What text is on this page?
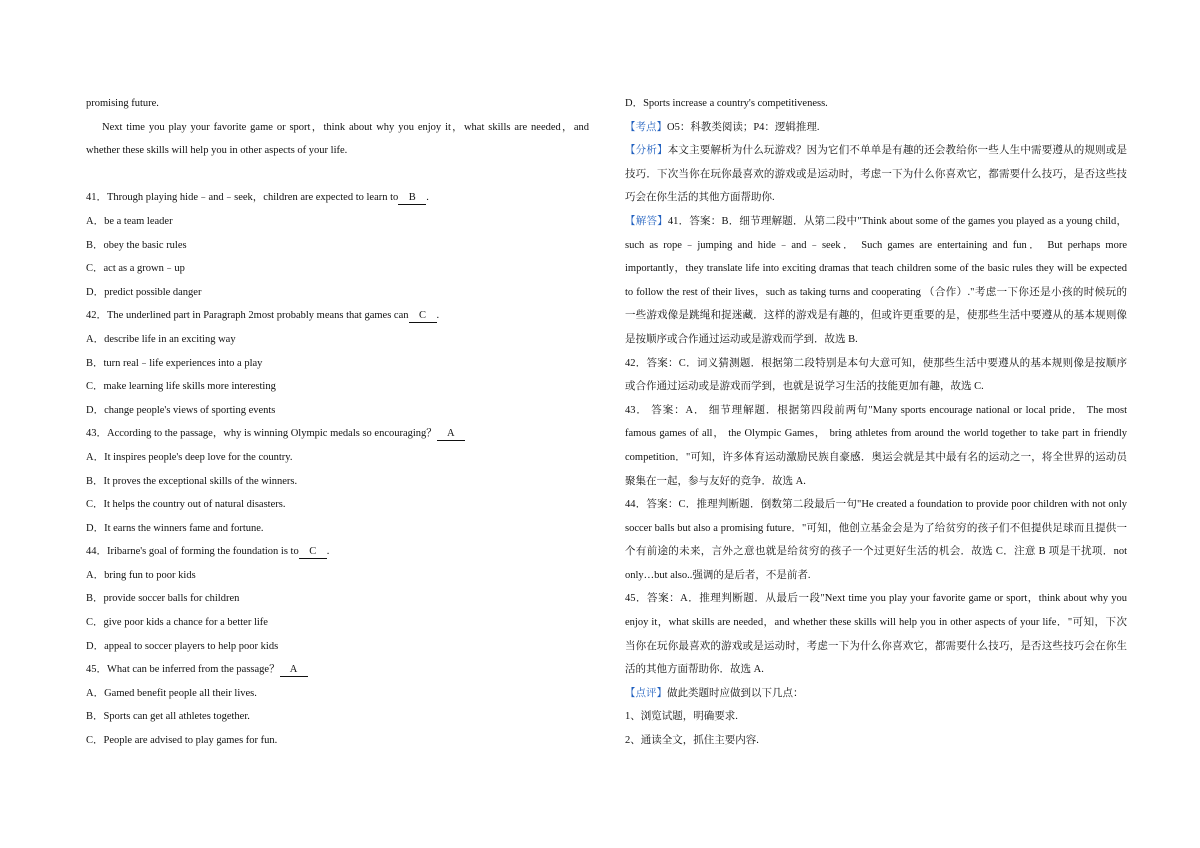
promising future.
Next time you play your favorite game or sport，think about why you enjoy it，what skills are needed，and
whether these skills will help you in other aspects of your life.
41．Through playing hide﹣and﹣seek，children are expected to learn to B .
A．be a team leader
B．obey the basic rules
C．act as a grown﹣up
D．predict possible danger
42．The underlined part in Paragraph 2most probably means that games can C .
A．describe life in an exciting way
B．turn real﹣life experiences into a play
C．make learning life skills more interesting
D．change people's views of sporting events
43．According to the passage，why is winning Olympic medals so encouraging？ A
A．It inspires people's deep love for the country.
B．It proves the exceptional skills of the winners.
C．It helps the country out of natural disasters.
D．It earns the winners fame and fortune.
44．Iribarne's goal of forming the foundation is to C .
A．bring fun to poor kids
B．provide soccer balls for children
C．give poor kids a chance for a better life
D．appeal to soccer players to help poor kids
45．What can be inferred from the passage？ A
A．Gamed benefit people all their lives.
B．Sports can get all athletes together.
C．People are advised to play games for fun.
D．Sports increase a country's competitiveness.
【考点】O5：科教类阅读；P4：逻辑推理.
【分析】本文主要解析为什么玩游戏？因为它们不单单是有趣的还会教给你一些人生中需要遵从的规则或是
技巧．下次当你在玩你最喜欢的游戏或是运动时，考虑一下为什么你喜欢它，都需要什么技巧，是否这些技
巧会在你生活的其他方面帮助你.
【解答】41．答案：B．细节理解题．从第二段中"Think about some of the games you played as a young child，
such as rope﹣jumping and hide﹣and﹣seek． Such games are entertaining and fun． But perhaps more
importantly，they translate life into exciting dramas that teach children some of the basic rules they will be expected
to follow the rest of their lives，such as taking turns and cooperating （合作）."考虑一下你还是小孩的时候玩的
一些游戏像是跳绳和捉迷藏．这样的游戏是有趣的，但或许更重要的是，使那些生活中要遵从的基本规则像
是按顺序或合作通过运动或是游戏而学到．故选 B.
42．答案：C．词义猜测题．根据第二段特别是本句大意可知，使那些生活中要遵从的基本规则像是按顺序
或合作通过运动或是游戏而学到，也就是说学习生活的技能更加有趣，故选 C.
43． 答案：A． 细节理解题．根据第四段前两句"Many sports encourage national or local pride． The most
famous games of all， the Olympic Games， bring athletes from around the world together to take part in friendly
competition．"可知，许多体育运动激励民族自豪感．奥运会就是其中最有名的运动之一，将全世界的运动员
聚集在一起，参与友好的竞争．故选 A.
44．答案：C．推理判断题．倒数第二段最后一句"He created a foundation to provide poor children with not only
soccer balls but also a promising future．"可知，他创立基金会是为了给贫穷的孩子们不但提供足球而且提供一
个有前途的未来，言外之意也就是给贫穷的孩子一个过更好生活的机会．故选 C．注意 B 项是干扰项．not
only…but also..强调的是后者，不是前者.
45．答案：A．推理判断题．从最后一段"Next time you play your favorite game or sport，think about why you
enjoy it，what skills are needed，and whether these skills will help you in other aspects of your life．"可知，下次
当你在玩你最喜欢的游戏或是运动时，考虑一下为什么你喜欢它，都需要什么技巧，是否这些技巧会在你生
活的其他方面帮助你．故选 A.
【点评】做此类题时应做到以下几点：
1、浏览试题，明确要求.
2、通读全文，抓住主要内容.
